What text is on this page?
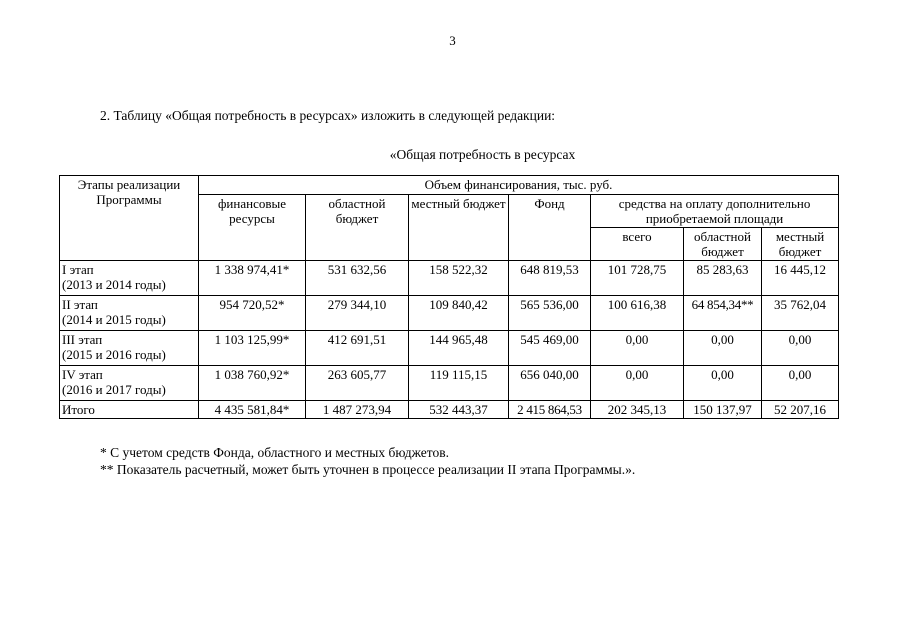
3
2. Таблицу «Общая потребность в ресурсах» изложить в следующей редакции:
«Общая потребность в ресурсах
Этапы реализации Программы	Объем финансирования, тыс. руб.						
	финансовые ресурсы	областной бюджет	местный бюджет	Фонд	средства на оплату дополнительно приобретаемой площади		
					всего	областной бюджет	местный бюджет

I этап
(2013 и 2014 годы)	1 338 974,41*	531 632,56	158 522,32	648 819,53	101 728,75	85 283,63	16 445,12

II этап
(2014 и 2015 годы)	954 720,52*	279 344,10	109 840,42	565 536,00	100 616,38	64 854,34**	35 762,04

III этап
(2015 и 2016 годы)	1 103 125,99*	412 691,51	144 965,48	545 469,00	0,00	0,00	0,00

IV этап
(2016 и 2017 годы)	1 038 760,92*	263 605,77	119 115,15	656 040,00	0,00	0,00	0,00
Итого	4 435 581,84*	1 487 273,94	532 443,37	2 415 864,53	202 345,13	150 137,97	52 207,16
* С учетом средств Фонда, областного и местных бюджетов.
** Показатель расчетный, может быть уточнен в процессе реализации II этапа Программы.».
